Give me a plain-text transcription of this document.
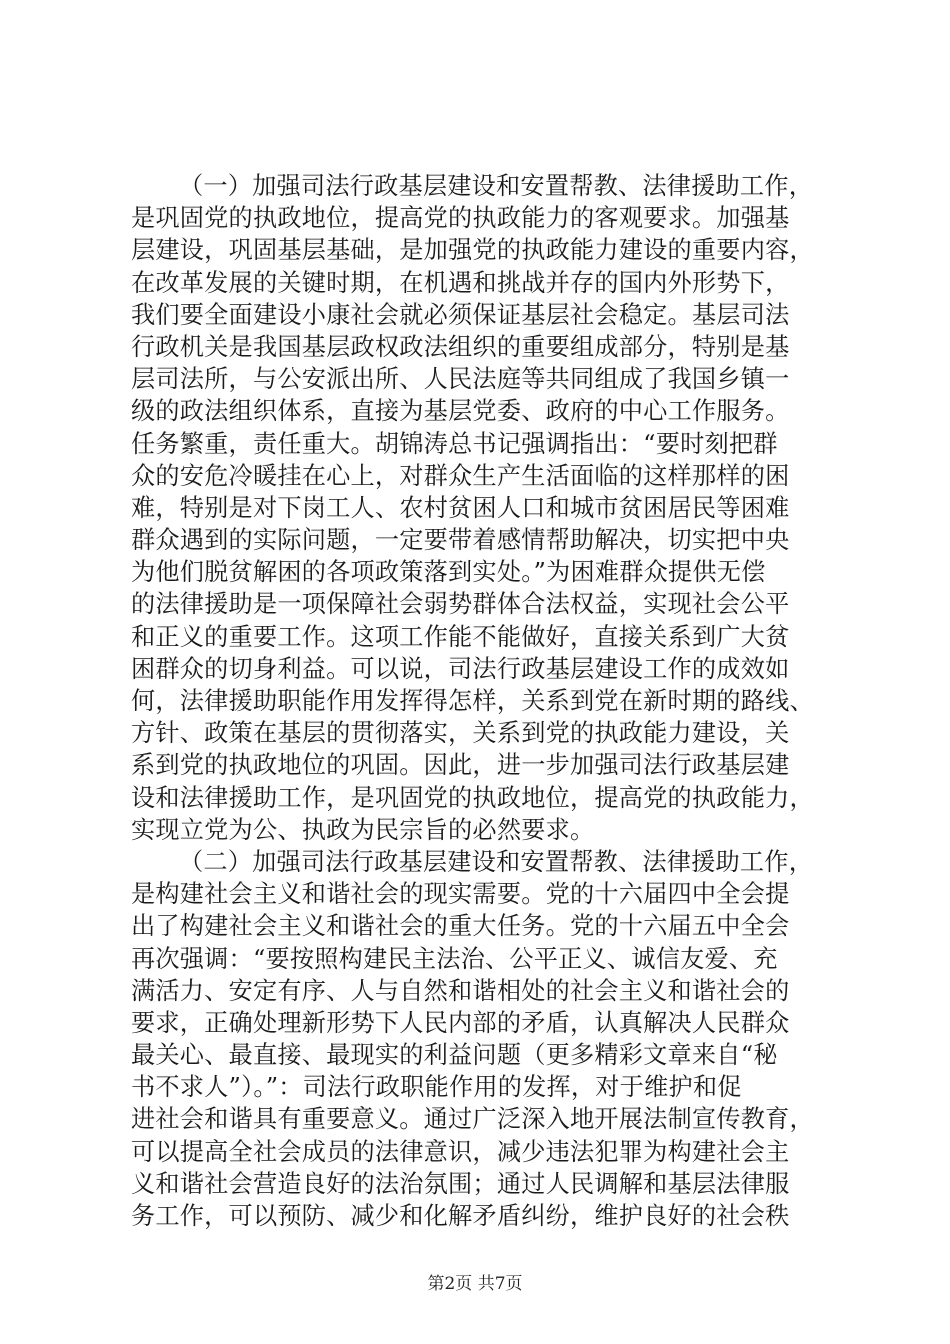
（一）加强司法行政基层建设和安置帮教、法律援助工作，
是巩固党的执政地位，提高党的执政能力的客观要求。加强基
层建设，巩固基层基础，是加强党的执政能力建设的重要内容，
在改革发展的关键时期，在机遇和挑战并存的国内外形势下，
我们要全面建设小康社会就必须保证基层社会稳定。基层司法
行政机关是我国基层政权政法组织的重要组成部分，特别是基
层司法所，与公安派出所、人民法庭等共同组成了我国乡镇一
级的政法组织体系，直接为基层党委、政府的中心工作服务。
任务繁重，责任重大。胡锦涛总书记强调指出：“要时刻把群
众的安危冷暖挂在心上，对群众生产生活面临的这样那样的困
难，特别是对下岗工人、农村贫困人口和城市贫困居民等困难
群众遇到的实际问题，一定要带着感情帮助解决，切实把中央
为他们脱贫解困的各项政策落到实处。”为困难群众提供无偿
的法律援助是一项保障社会弱势群体合法权益，实现社会公平
和正义的重要工作。这项工作能不能做好，直接关系到广大贫
困群众的切身利益。可以说，司法行政基层建设工作的成效如
何，法律援助职能作用发挥得怎样，关系到党在新时期的路线、
方针、政策在基层的贯彻落实，关系到党的执政能力建设，关
系到党的执政地位的巩固。因此，进一步加强司法行政基层建
设和法律援助工作，是巩固党的执政地位，提高党的执政能力，
实现立党为公、执政为民宗旨的必然要求。
（二）加强司法行政基层建设和安置帮教、法律援助工作，
是构建社会主义和谐社会的现实需要。党的十六届四中全会提
出了构建社会主义和谐社会的重大任务。党的十六届五中全会
再次强调：“要按照构建民主法治、公平正义、诚信友爱、充
满活力、安定有序、人与自然和谐相处的社会主义和谐社会的
要求，正确处理新形势下人民内部的矛盾，认真解决人民群众
最关心、最直接、最现实的利益问题（更多精彩文章来自“秘
书不求人”）。”：司法行政职能作用的发挥，对于维护和促
进社会和谐具有重要意义。通过广泛深入地开展法制宣传教育，
可以提高全社会成员的法律意识，减少违法犯罪为构建社会主
义和谐社会营造良好的法治氛围；通过人民调解和基层法律服
务工作，可以预防、减少和化解矛盾纠纷，维护良好的社会秩
第2页 共7页
